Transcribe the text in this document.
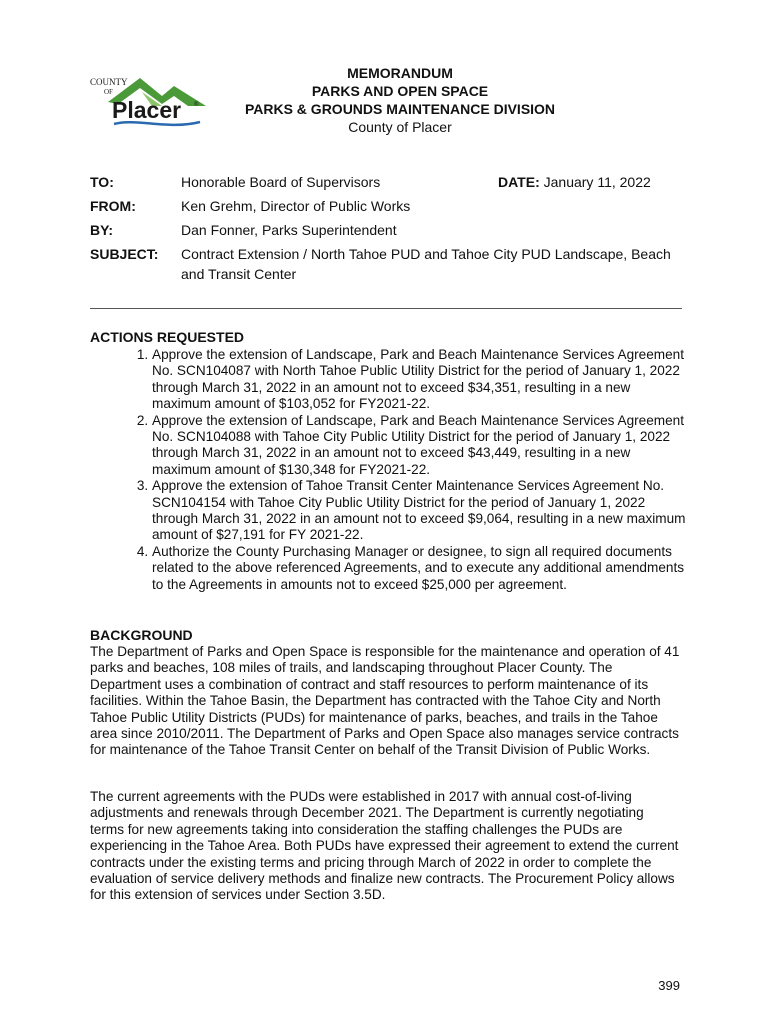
COUNTY
OF
Placer ®
MEMORANDUM
PARKS AND OPEN SPACE
PARKS & GROUNDS MAINTENANCE DIVISION
County of Placer
TO:	Honorable Board of Supervisors	DATE: January 11, 2022
FROM:	Ken Grehm, Director of Public Works
BY:	Dan Fonner, Parks Superintendent
SUBJECT: Contract Extension / North Tahoe PUD and Tahoe City PUD Landscape, Beach and Transit Center
ACTIONS REQUESTED
1. Approve the extension of Landscape, Park and Beach Maintenance Services Agreement No. SCN104087 with North Tahoe Public Utility District for the period of January 1, 2022 through March 31, 2022 in an amount not to exceed $34,351, resulting in a new maximum amount of $103,052 for FY2021-22.
2. Approve the extension of Landscape, Park and Beach Maintenance Services Agreement No. SCN104088 with Tahoe City Public Utility District for the period of January 1, 2022 through March 31, 2022 in an amount not to exceed $43,449, resulting in a new maximum amount of $130,348 for FY2021-22.
3. Approve the extension of Tahoe Transit Center Maintenance Services Agreement No. SCN104154 with Tahoe City Public Utility District for the period of January 1, 2022 through March 31, 2022 in an amount not to exceed $9,064, resulting in a new maximum amount of $27,191 for FY 2021-22.
4. Authorize the County Purchasing Manager or designee, to sign all required documents related to the above referenced Agreements, and to execute any additional amendments to the Agreements in amounts not to exceed $25,000 per agreement.
BACKGROUND
The Department of Parks and Open Space is responsible for the maintenance and operation of 41 parks and beaches, 108 miles of trails, and landscaping throughout Placer County. The Department uses a combination of contract and staff resources to perform maintenance of its facilities. Within the Tahoe Basin, the Department has contracted with the Tahoe City and North Tahoe Public Utility Districts (PUDs) for maintenance of parks, beaches, and trails in the Tahoe area since 2010/2011. The Department of Parks and Open Space also manages service contracts for maintenance of the Tahoe Transit Center on behalf of the Transit Division of Public Works.
The current agreements with the PUDs were established in 2017 with annual cost-of-living adjustments and renewals through December 2021. The Department is currently negotiating terms for new agreements taking into consideration the staffing challenges the PUDs are experiencing in the Tahoe Area. Both PUDs have expressed their agreement to extend the current contracts under the existing terms and pricing through March of 2022 in order to complete the evaluation of service delivery methods and finalize new contracts. The Procurement Policy allows for this extension of services under Section 3.5D.
399
